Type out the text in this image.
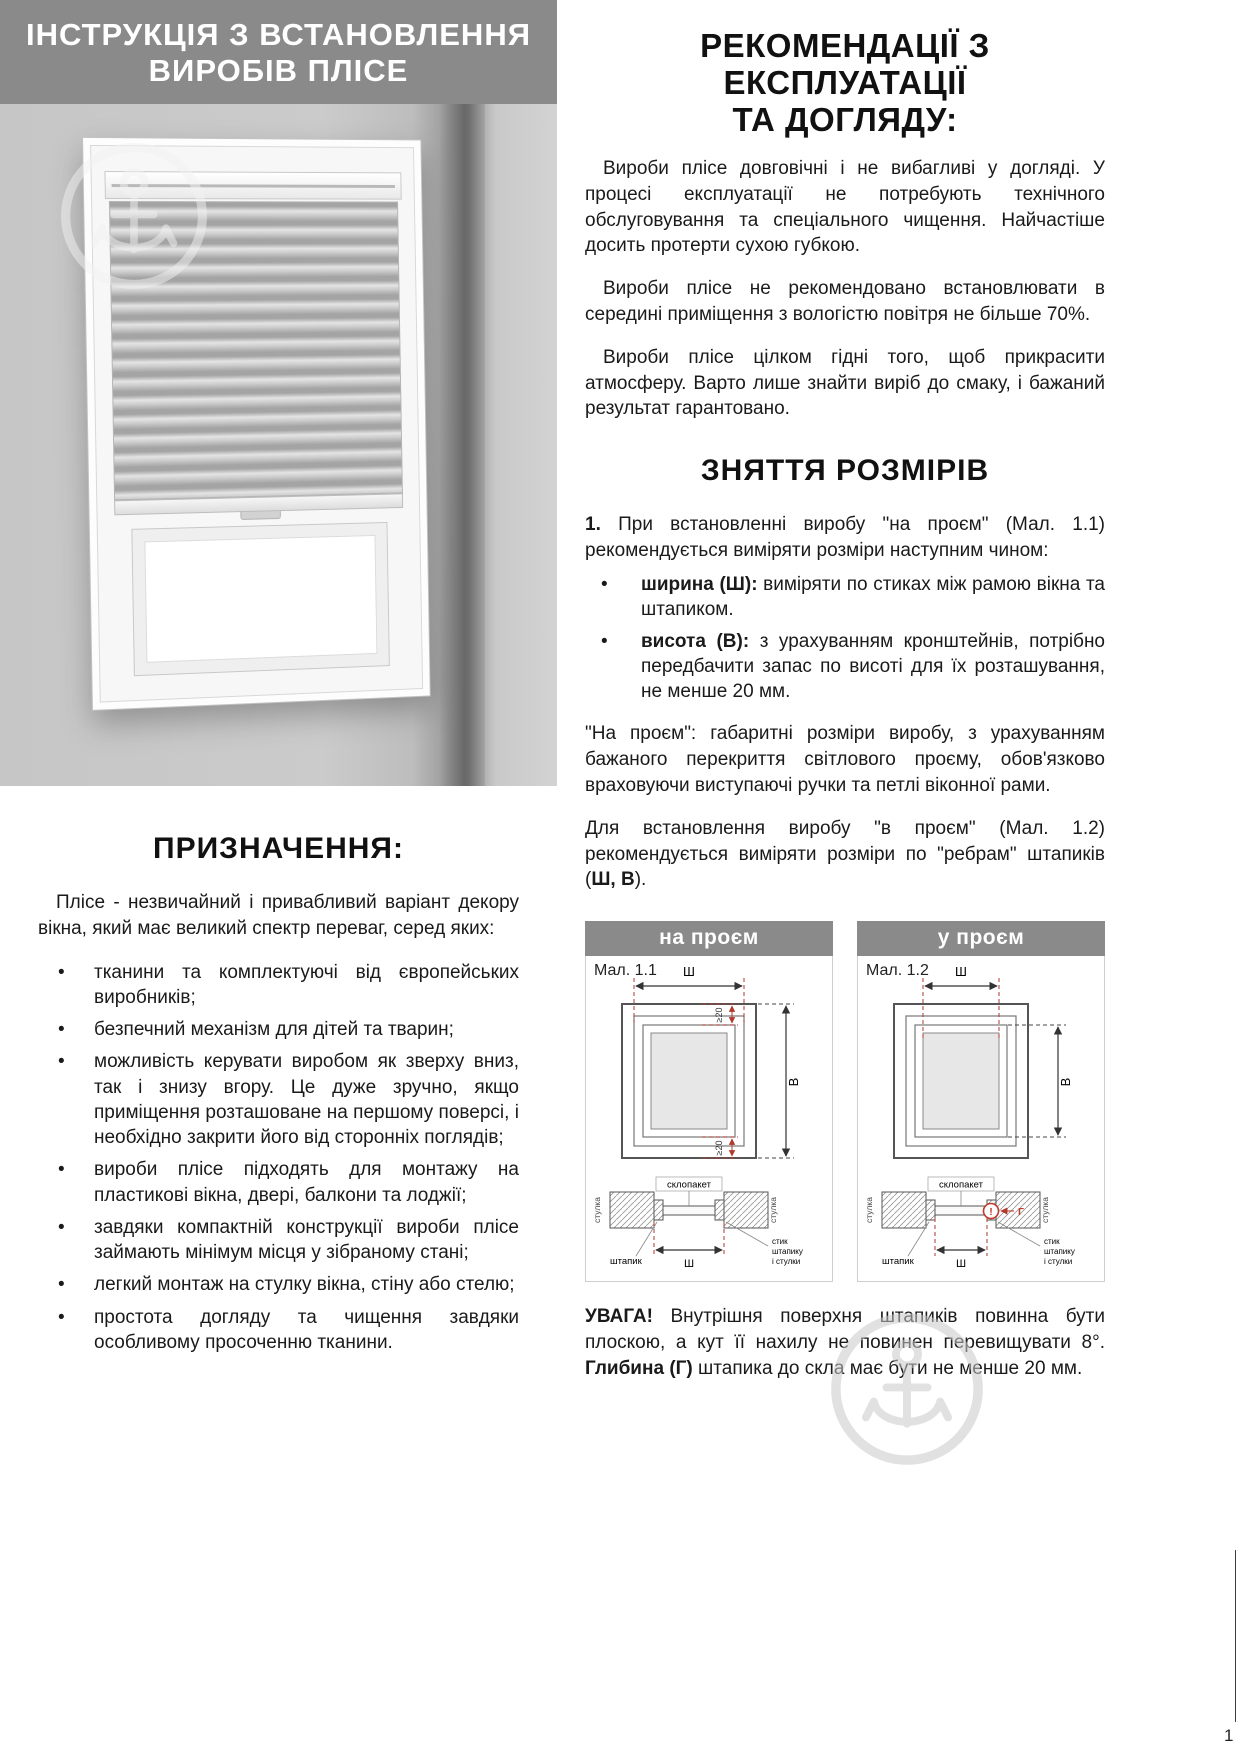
ІНСТРУКЦІЯ З ВСТАНОВЛЕННЯ
ВИРОБІВ ПЛІСЕ
ПРИЗНАЧЕННЯ:

Плісе - незвичайний і привабливий варіант декору вікна, який має великий спектр переваг, серед яких:

• тканини та комплектуючі від європейських виробників;
• безпечний механізм для дітей та тварин;
• можливість керувати виробом як зверху вниз, так і знизу вгору. Це дуже зручно, якщо приміщення розташоване на першому поверсі, і необхідно закрити його від сторонніх поглядів;
• вироби плісе підходять для монтажу на пластикові вікна, двері, балкони та лоджії;
• завдяки компактній конструкції вироби плісе займають мінімум місця у зібраному стані;
• легкий монтаж на стулку вікна, стіну або стелю;
• простота догляду та чищення завдяки особливому просоченню тканини.
РЕКОМЕНДАЦІЇ З ЕКСПЛУАТАЦІЇ
ТА ДОГЛЯДУ:

Вироби плісе довговічні і не вибагливі у догляді. У процесі експлуатації не потребують технічного обслуговування та спеціального чищення. Найчастіше досить протерти сухою губкою.

Вироби плісе не рекомендовано встановлювати в середині приміщення з вологістю повітря не більше 70%.

Вироби плісе цілком гідні того, щоб прикрасити атмосферу. Варто лише знайти виріб до смаку, і бажаний результат гарантовано.

ЗНЯТТЯ РОЗМІРІВ

1. При встановленні виробу "на проєм" (Мал. 1.1) рекомендується виміряти розміри наступним чином:

• ширина (Ш): виміряти по стиках між рамою вікна та штапиком.
• висота (В): з урахуванням кронштейнів, потрібно передбачити запас по висоті для їх розташування, не менше 20 мм.

"На проєм": габаритні розміри виробу, з урахуванням бажаного перекриття світлового проєму, обов'язково враховуючи виступаючі ручки та петлі віконної рами.

Для встановлення виробу "в проєм" (Мал. 1.2) рекомендується виміряти розміри по "ребрам" штапиків (Ш, В).

на проєм
Мал. 1.1 Ш
В
≥20
≥20
склопакет
стулка	стулка
штапик	Ш
стик
штапику
і стулки
у проєм
Мал. 1.2 Ш
В
склопакет
стулка	стулка
! Г
штапик	Ш
стик
штапику
і стулки

УВАГА! Внутрішня поверхня штапиків повинна бути плоскою, а кут її нахилу не повинен перевищувати 8°. Глибина (Г) штапика до скла має бути не менше 20 мм.

1
